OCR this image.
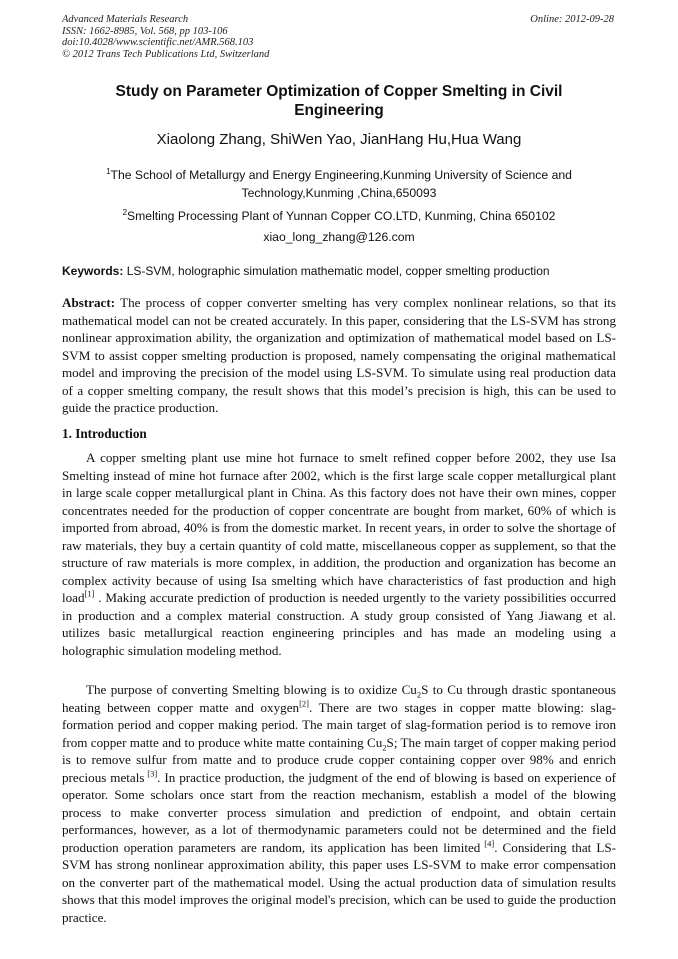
Advanced Materials Research
ISSN: 1662-8985, Vol. 568, pp 103-106
doi:10.4028/www.scientific.net/AMR.568.103
© 2012 Trans Tech Publications Ltd, Switzerland
Online: 2012-09-28
Study on Parameter Optimization of Copper Smelting in Civil Engineering
Xiaolong Zhang, ShiWen Yao, JianHang Hu,Hua Wang
$^1$The School of Metallurgy and Energy Engineering,Kunming University of Science and Technology,Kunming ,China,650093
$^2$Smelting Processing Plant of Yunnan Copper CO.LTD, Kunming, China 650102
xiao_long_zhang@126.com
Keywords: LS-SVM, holographic simulation mathematic model, copper smelting production
Abstract: The process of copper converter smelting has very complex nonlinear relations, so that its mathematical model can not be created accurately. In this paper, considering that the LS-SVM has strong nonlinear approximation ability, the organization and optimization of mathematical model based on LS-SVM to assist copper smelting production is proposed, namely compensating the original mathematical model and improving the precision of the model using LS-SVM. To simulate using real production data of a copper smelting company, the result shows that this model’s precision is high, this can be used to guide the practice production.
1. Introduction
A copper smelting plant use mine hot furnace to smelt refined copper before 2002, they use Isa Smelting instead of mine hot furnace after 2002, which is the first large scale copper metallurgical plant in large scale copper metallurgical plant in China. As this factory does not have their own mines, copper concentrates needed for the production of copper concentrate are bought from market, 60% of which is imported from abroad, 40% is from the domestic market. In recent years, in order to solve the shortage of raw materials, they buy a certain quantity of cold matte, miscellaneous copper as supplement, so that the structure of raw materials is more complex, in addition, the production and organization has become an complex activity because of using Isa smelting which have characteristics of fast production and high load[1] . Making accurate prediction of production is needed urgently to the variety possibilities occurred in production and a complex material construction. A study group consisted of Yang Jiawang et al. utilizes basic metallurgical reaction engineering principles and has made an modeling using a holographic simulation modeling method.
The purpose of converting Smelting blowing is to oxidize $Cu_2S$ to Cu through drastic spontaneous heating between copper matte and oxygen[2]. There are two stages in copper matte blowing: slag-formation period and copper making period. The main target of slag-formation period is to remove iron from copper matte and to produce white matte containing $Cu_2S$; The main target of copper making period is to remove sulfur from matte and to produce crude copper containing copper over 98% and enrich precious metals [3]. In practice production, the judgment of the end of blowing is based on experience of operator. Some scholars once start from the reaction mechanism, establish a model of the blowing process to make converter process simulation and prediction of endpoint, and obtain certain performances, however, as a lot of thermodynamic parameters could not be determined and the field production operation parameters are random, its application has been limited [4]. Considering that LS-SVM has strong nonlinear approximation ability, this paper uses LS-SVM to make error compensation on the converter part of the mathematical model. Using the actual production data of simulation results shows that this model improves the original model's precision, which can be used to guide the production practice.
